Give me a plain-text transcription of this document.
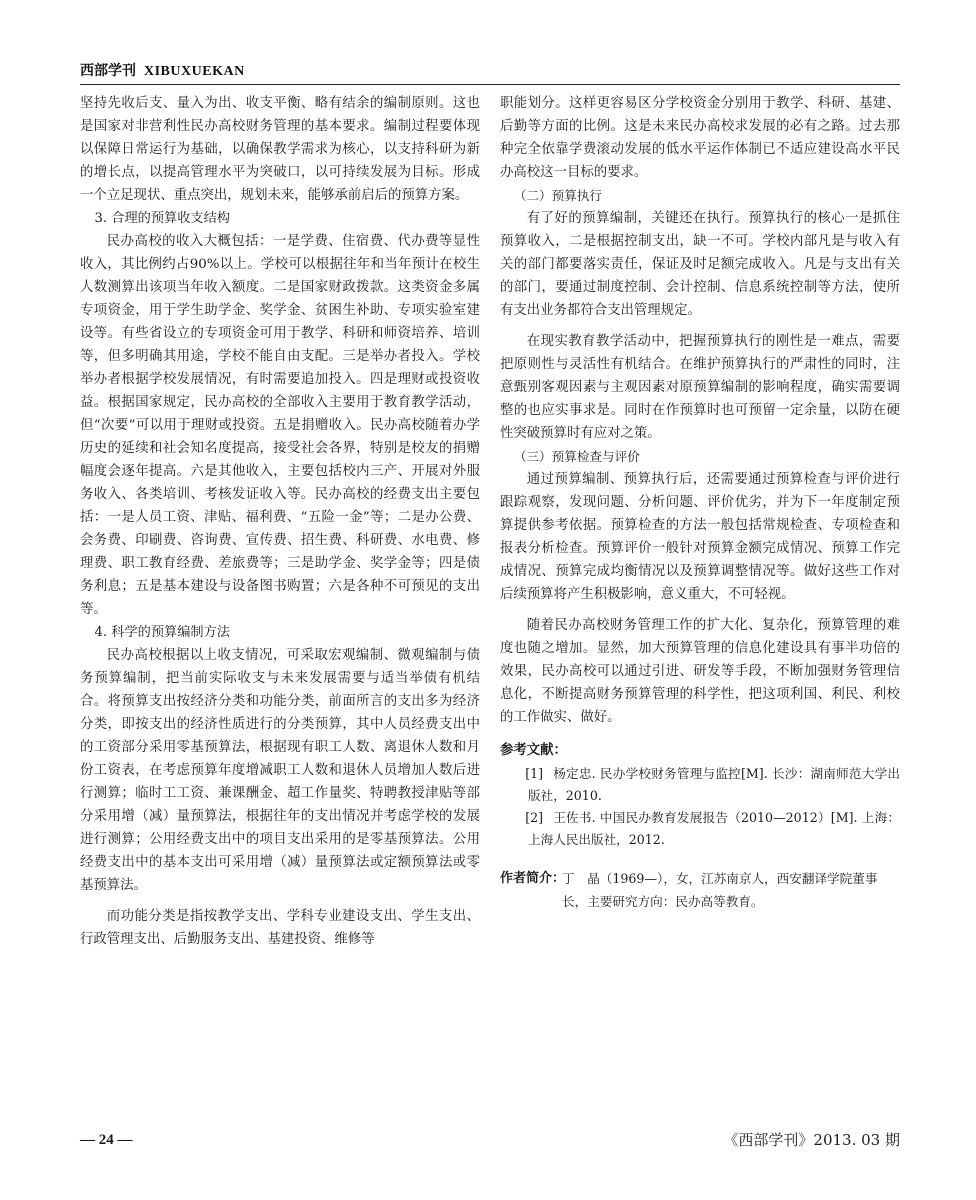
西部学刊 XIBUXUEKAN

坚持先收后支、量入为出、收支平衡、略有结余的编制原则。这也是国家对非营利性民办高校财务管理的基本要求。编制过程要体现以保障日常运行为基础，以确保教学需求为核心，以支持科研为新的增长点，以提高管理水平为突破口，以可持续发展为目标。形成一个立足现状、重点突出，规划未来，能够承前启后的预算方案。

3. 合理的预算收支结构

民办高校的收入大概包括：一是学费、住宿费、代办费等显性收入，其比例约占90%以上。学校可以根据往年和当年预计在校生人数测算出该项当年收入额度。二是国家财政拨款。这类资金多属专项资金，用于学生助学金、奖学金、贫困生补助、专项实验室建设等。有些省设立的专项资金可用于教学、科研和师资培养、培训等，但多明确其用途，学校不能自由支配。三是举办者投入。学校举办者根据学校发展情况，有时需要追加投入。四是理财或投资收益。根据国家规定，民办高校的全部收入主要用于教育教学活动，但“次要”可以用于理财或投资。五是捐赠收入。民办高校随着办学历史的延续和社会知名度提高，接受社会各界，特别是校友的捐赠幅度会逐年提高。六是其他收入，主要包括校内三产、开展对外服务收入、各类培训、考核发证收入等。民办高校的经费支出主要包括：一是人员工资、津贴、福利费、“五险一金”等；二是办公费、会务费、印刷费、咨询费、宣传费、招生费、科研费、水电费、修理费、职工教育经费、差旅费等；三是助学金、奖学金等；四是债务利息；五是基本建设与设备图书购置；六是各种不可预见的支出等。

4. 科学的预算编制方法

民办高校根据以上收支情况，可采取宏观编制、微观编制与债务预算编制，把当前实际收支与未来发展需要与适当举债有机结合。将预算支出按经济分类和功能分类，前面所言的支出多为经济分类，即按支出的经济性质进行的分类预算，其中人员经费支出中的工资部分采用零基预算法，根据现有职工人数、离退休人数和月份工资表，在考虑预算年度增减职工人数和退休人员增加人数后进行测算；临时工工资、兼课酬金、超工作量奖、特聘教授津贴等部分采用增（减）量预算法，根据往年的支出情况并考虑学校的发展进行测算；公用经费支出中的项目支出采用的是零基预算法。公用经费支出中的基本支出可采用增（减）量预算法或定额预算法或零基预算法。

而功能分类是指按教学支出、学科专业建设支出、学生支出、行政管理支出、后勤服务支出、基建投资、维修等

职能划分。这样更容易区分学校资金分别用于教学、科研、基建、后勤等方面的比例。这是未来民办高校求发展的必有之路。过去那种完全依靠学费滚动发展的低水平运作体制已不适应建设高水平民办高校这一目标的要求。

（二）预算执行

有了好的预算编制，关键还在执行。预算执行的核心一是抓住预算收入，二是根据控制支出，缺一不可。学校内部凡是与收入有关的部门都要落实责任，保证及时足额完成收入。凡是与支出有关的部门，要通过制度控制、会计控制、信息系统控制等方法，使所有支出业务都符合支出管理规定。

在现实教育教学活动中，把握预算执行的刚性是一难点，需要把原则性与灵活性有机结合。在维护预算执行的严肃性的同时，注意甄别客观因素与主观因素对原预算编制的影响程度，确实需要调整的也应实事求是。同时在作预算时也可预留一定余量，以防在硬性突破预算时有应对之策。

（三）预算检查与评价

通过预算编制、预算执行后，还需要通过预算检查与评价进行跟踪观察，发现问题、分析问题、评价优劣，并为下一年度制定预算提供参考依据。预算检查的方法一般包括常规检查、专项检查和报表分析检查。预算评价一般针对预算金额完成情况、预算工作完成情况、预算完成均衡情况以及预算调整情况等。做好这些工作对后续预算将产生积极影响，意义重大，不可轻视。

随着民办高校财务管理工作的扩大化、复杂化，预算管理的难度也随之增加。显然，加大预算管理的信息化建设具有事半功倍的效果，民办高校可以通过引进、研发等手段，不断加强财务管理信息化，不断提高财务预算管理的科学性，把这项利国、利民、利校的工作做实、做好。

参考文献：

[1] 杨定忠. 民办学校财务管理与监控[M]. 长沙：湖南师范大学出版社，2010.

[2] 王佐书. 中国民办教育发展报告（2010—2012）[M]. 上海：上海人民出版社，2012.

作者简介：
丁　晶（1969—），女，江苏南京人，西安翻译学院董事长，主要研究方向：民办高等教育。
— 24 —	《西部学刊》2013. 03 期
